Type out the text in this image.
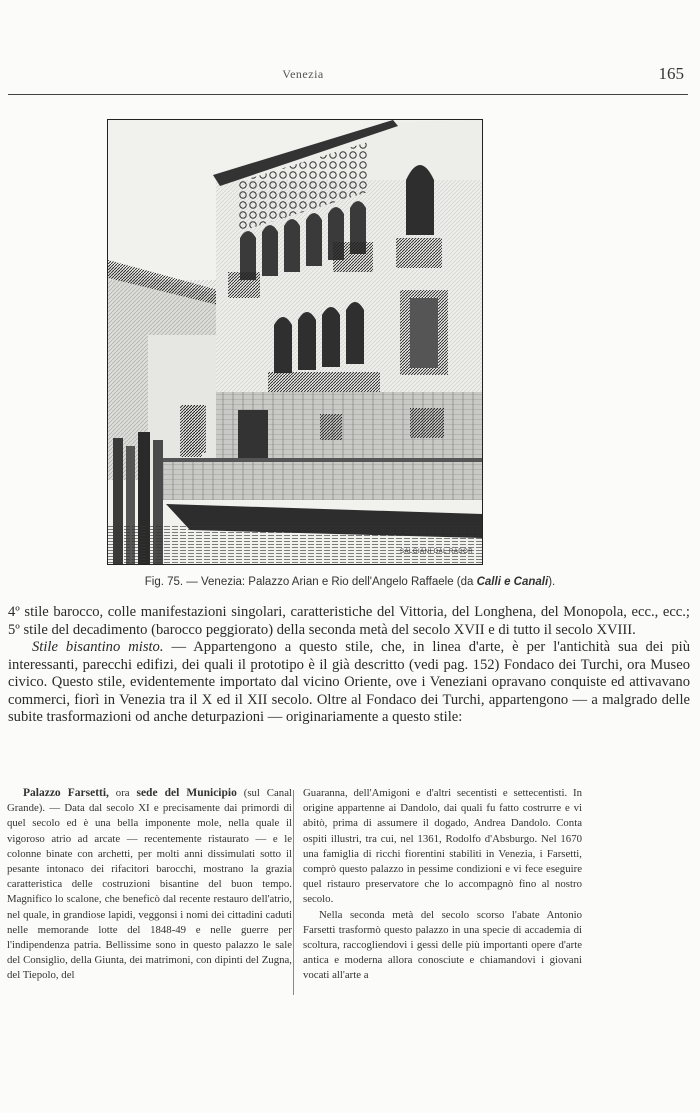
Venezia	165
SALGIANI DAL RADOR
Fig. 75. — Venezia: Palazzo Arian e Rio dell'Angelo Raffaele (da Calli e Canali).

4º stile barocco, colle manifestazioni singolari, caratteristiche del Vittoria, del Longhena, del Monopola, ecc., ecc.; 5º stile del decadimento (barocco peggiorato) della seconda metà del secolo XVII e di tutto il secolo XVIII.

Stile bisantino misto. — Appartengono a questo stile, che, in linea d'arte, è per l'antichità sua dei più interessanti, parecchi edifizi, dei quali il prototipo è il già descritto (vedi pag. 152) Fondaco dei Turchi, ora Museo civico. Questo stile, evidentemente importato dal vicino Oriente, ove i Veneziani opravano conquiste ed attivavano commerci, fiorì in Venezia tra il X ed il XII secolo. Oltre al Fondaco dei Turchi, appartengono — a malgrado delle subite trasformazioni od anche deturpazioni — originariamente a questo stile:

Palazzo Farsetti, ora sede del Municipio (sul Canal Grande). — Data dal secolo XI e precisamente dai primordi di quel secolo ed è una bella imponente mole, nella quale il vigoroso atrio ad arcate — recentemente ristaurato — e le colonne binate con archetti, per molti anni dissimulati sotto il pesante intonaco dei rifacitori barocchi, mostrano la grazia caratteristica delle costruzioni bisantine del buon tempo. Magnifico lo scalone, che beneficò dal recente restauro dell'atrio, nel quale, in grandiose lapidi, veggonsi i nomi dei cittadini caduti nelle memorande lotte del 1848-49 e nelle guerre per l'indipendenza patria. Bellissime sono in questo palazzo le sale del Consiglio, della Giunta, dei matrimoni, con dipinti del Zugna, del Tiepolo, del

Guaranna, dell'Amigoni e d'altri secentisti e settecentisti. In origine appartenne ai Dandolo, dai quali fu fatto costrurre e vi abitò, prima di assumere il dogado, Andrea Dandolo. Conta ospiti illustri, tra cui, nel 1361, Rodolfo d'Absburgo. Nel 1670 una famiglia di ricchi fiorentini stabiliti in Venezia, i Farsetti, comprò questo palazzo in pessime condizioni e vi fece eseguire quel ristauro preservatore che lo accompagnò fino al nostro secolo.

Nella seconda metà del secolo scorso l'abate Antonio Farsetti trasformò questo palazzo in una specie di accademia di scoltura, raccogliendovi i gessi delle più importanti opere d'arte antica e moderna allora conosciute e chiamandovi i giovani vocati all'arte a
